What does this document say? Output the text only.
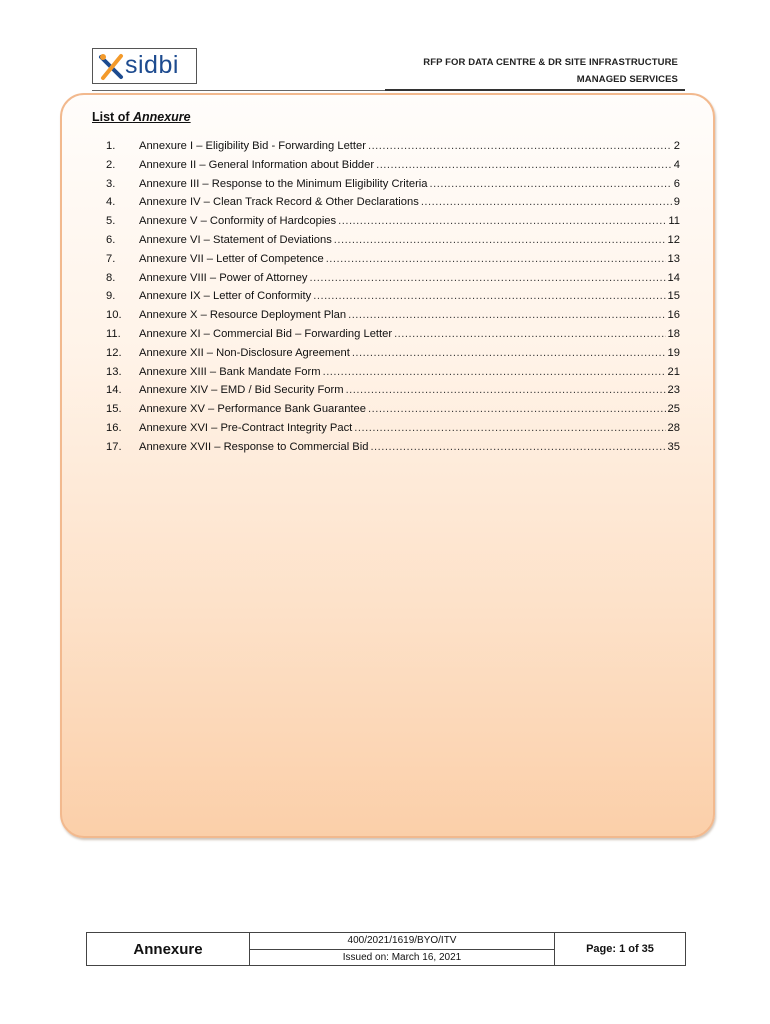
sidbi	RFP FOR DATA CENTRE & DR SITE INFRASTRUCTURE
MANAGED SERVICES
List of Annexure
1.	Annexure I – Eligibility Bid - Forwarding Letter .....	2
2.	Annexure II – General Information about Bidder .....	4
3.	Annexure III – Response to the Minimum Eligibility Criteria .....	6
4.	Annexure IV – Clean Track Record & Other Declarations .....	9
5.	Annexure V – Conformity of Hardcopies .....	11
6.	Annexure VI – Statement of Deviations .....	12
7.	Annexure VII – Letter of Competence .....	13
8.	Annexure VIII – Power of Attorney .....	14
9.	Annexure IX – Letter of Conformity .....	15
10.	Annexure X – Resource Deployment Plan .....	16
11.	Annexure XI – Commercial Bid – Forwarding Letter .....	18
12.	Annexure XII – Non-Disclosure Agreement .....	19
13.	Annexure XIII – Bank Mandate Form .....	21
14.	Annexure XIV – EMD / Bid Security Form .....	23
15.	Annexure XV – Performance Bank Guarantee .....	25
16.	Annexure XVI – Pre-Contract Integrity Pact .....	28
17.	Annexure XVII – Response to Commercial Bid .....	35
Annexure	400/2021/1619/BYO/ITV
Issued on: March 16, 2021
Page: 1 of 35
